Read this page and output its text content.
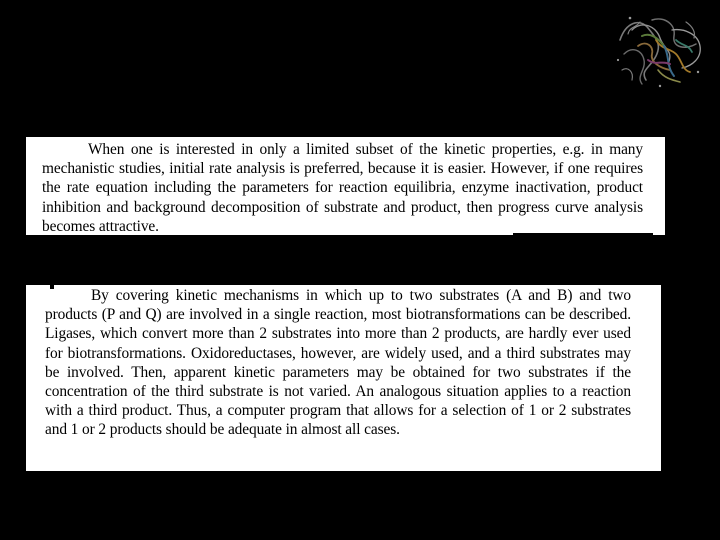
When one is interested in only a limited subset of the kinetic properties, e.g. in many mechanistic studies, initial rate analysis is preferred, because it is easier. However, if one requires the rate equation including the parameters for reaction equilibria, enzyme inactivation, product inhibition and background decomposition of substrate and product, then progress curve analysis becomes attractive.

By covering kinetic mechanisms in which up to two substrates (A and B) and two products (P and Q) are involved in a single reaction, most biotransformations can be described. Ligases, which convert more than 2 substrates into more than 2 products, are hardly ever used for biotransformations. Oxidoreductases, however, are widely used, and a third substrates may be involved. Then, apparent kinetic parameters may be obtained for two substrates if the concentration of the third substrate is not varied. An analogous situation applies to a reaction with a third product. Thus, a computer program that allows for a selection of 1 or 2 substrates and 1 or 2 products should be adequate in almost all cases.
